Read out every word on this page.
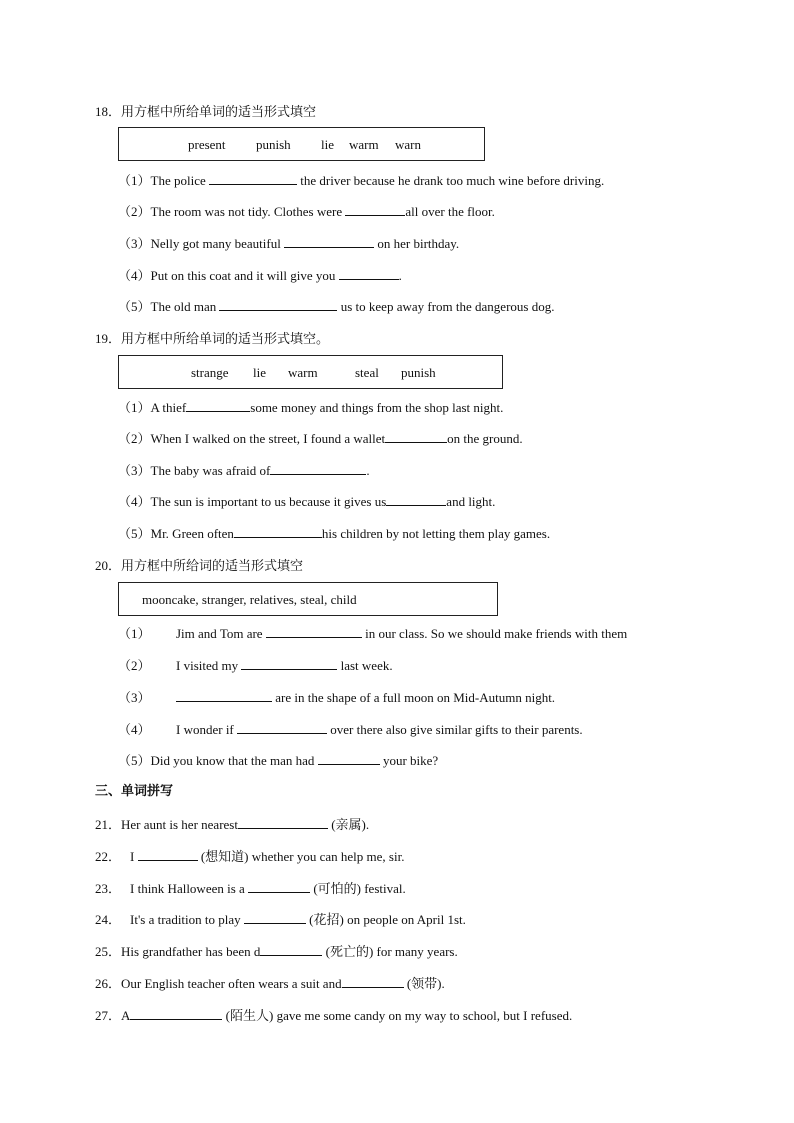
18．用方框中所给单词的适当形式填空
present punish lie warm warn
（1）The police	the driver because he drank too much wine before driving.
（2）The room was not tidy. Clothes were	all over the floor.
（3）Nelly got many beautiful	on her birthday.
（4）Put on this coat and it will give you	.
（5）The old man	us to keep away from the dangerous dog.
19．用方框中所给单词的适当形式填空。
strange lie warm	steal punish
（1）A thief	some money and things from the shop last night.
（2）When I walked on the street, I found a wallet	on the ground.
（3）The baby was afraid of	.
（4）The sun is important to us because it gives us	and light.
（5）Mr. Green often	his children by not letting them play games.
20．用方框中所给词的适当形式填空
mooncake, stranger, relatives, steal, child
（1） Jim and Tom are	in our class. So we should make friends with them
（2） I visited my	last week.
（3）	are in the shape of a full moon on Mid-Autumn night.
（4） I wonder if	over there also give similar gifts to their parents.
（5）Did you know that the man had	your bike?
三、单词拼写
21．Her aunt is her nearest	(亲属).
22． I	(想知道) whether you can help me, sir.
23． I think Halloween is a	(可怕的) festival.
24． It's a tradition to play	(花招) on people on April 1st.
25．His grandfather has been d	(死亡的) for many years.
26．Our English teacher often wears a suit and	(领带).
27．A	(陌生人) gave me some candy on my way to school, but I refused.
